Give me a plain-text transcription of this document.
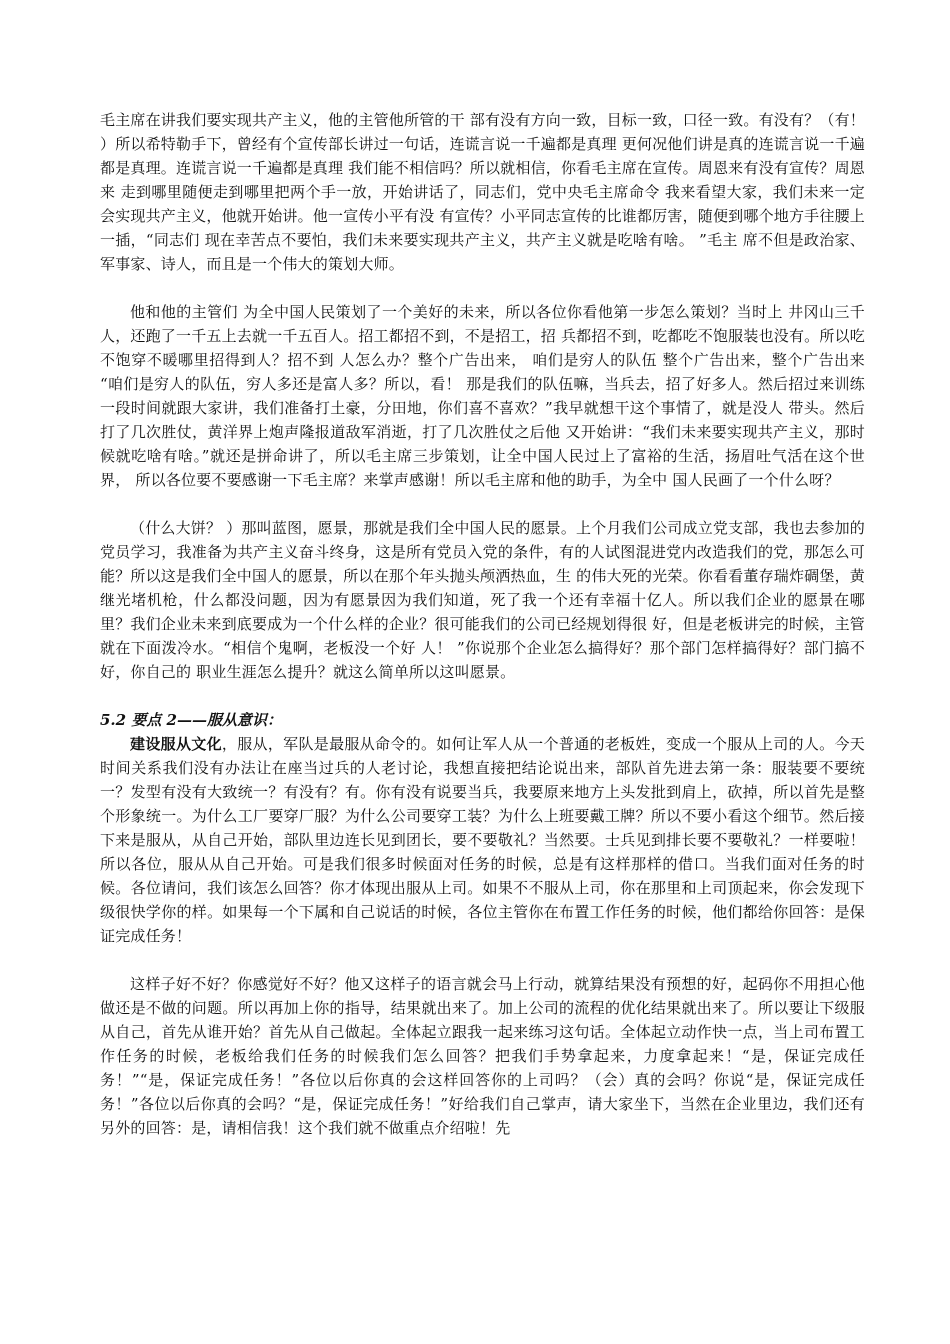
毛主席在讲我们要实现共产主义，他的主管他所管的干 部有没有方向一致，目标一致，口径一致。有没有？（有！ ）所以希特勒手下，曾经有个宣传部长讲过一句话，连谎言说一千遍都是真理 更何况他们讲是真的连谎言说一千遍都是真理。连谎言说一千遍都是真理 我们能不相信吗？所以就相信，你看毛主席在宣传。周恩来有没有宣传？周恩来 走到哪里随便走到哪里把两个手一放，开始讲话了，同志们，党中央毛主席命令 我来看望大家，我们未来一定会实现共产主义，他就开始讲。他一宣传小平有没 有宣传？小平同志宣传的比谁都厉害，随便到哪个地方手往腰上一插，“同志们 现在幸苦点不要怕，我们未来要实现共产主义，共产主义就是吃啥有啥。 ”毛主 席不但是政治家、军事家、诗人，而且是一个伟大的策划大师。

他和他的主管们 为全中国人民策划了一个美好的未来，所以各位你看他第一步怎么策划？当时上 井冈山三千人，还跑了一千五上去就一千五百人。招工都招不到，不是招工，招 兵都招不到，吃都吃不饱服装也没有。所以吃不饱穿不暖哪里招得到人？招不到 人怎么办？整个广告出来， 咱们是穷人的队伍 整个广告出来，整个广告出来 “咱们是穷人的队伍，穷人多还是富人多？所以，看！ 那是我们的队伍嘛，当兵去，招了好多人。然后招过来训练一段时间就跟大家讲，我们准备打土豪，分田地，你们喜不喜欢？”我早就想干这个事情了，就是没人 带头。然后打了几次胜仗，黄洋界上炮声隆报道敌军消逝，打了几次胜仗之后他 又开始讲：“我们未来要实现共产主义，那时候就吃啥有啥。”就还是拼命讲了，所以毛主席三步策划，让全中国人民过上了富裕的生活，扬眉吐气活在这个世界， 所以各位要不要感谢一下毛主席？来掌声感谢！所以毛主席和他的助手，为全中 国人民画了一个什么呀？

（什么大饼？ ）那叫蓝图，愿景，那就是我们全中国人民的愿景。上个月我们公司成立党支部，我也去参加的党员学习，我准备为共产主义奋斗终身，这是所有党员入党的条件，有的人试图混进党内改造我们的党，那怎么可能？所以这是我们全中国人的愿景，所以在那个年头抛头颅洒热血，生 的伟大死的光荣。你看看董存瑞炸碉堡，黄继光堵机枪，什么都没问题，因为有愿景因为我们知道，死了我一个还有幸福十亿人。所以我们企业的愿景在哪里？我们企业未来到底要成为一个什么样的企业？很可能我们的公司已经规划得很 好，但是老板讲完的时候，主管就在下面泼冷水。“相信个鬼啊，老板没一个好 人！ ”你说那个企业怎么搞得好？那个部门怎样搞得好？部门搞不好，你自己的 职业生涯怎么提升？就这么简单所以这叫愿景。

5.2 要点 2——服从意识：

建设服从文化，服从，军队是最服从命令的。如何让军人从一个普通的老板姓，变成一个服从上司的人。今天时间关系我们没有办法让在座当过兵的人老讨论，我想直接把结论说出来，部队首先进去第一条：服装要不要统一？发型有没有大致统一？有没有？有。你有没有说要当兵，我要原来地方上头发批到肩上，砍掉，所以首先是整个形象统一。为什么工厂要穿厂服？为什么公司要穿工装？为什么上班要戴工牌？所以不要小看这个细节。然后接下来是服从，从自己开始，部队里边连长见到团长，要不要敬礼？当然要。士兵见到排长要不要敬礼？一样要啦！所以各位，服从从自己开始。可是我们很多时候面对任务的时候，总是有这样那样的借口。当我们面对任务的时候。各位请问，我们该怎么回答？你才体现出服从上司。如果不不服从上司，你在那里和上司顶起来，你会发现下级很快学你的样。如果每一个下属和自己说话的时候，各位主管你在布置工作任务的时候，他们都给你回答：是保证完成任务！

这样子好不好？你感觉好不好？他又这样子的语言就会马上行动，就算结果没有预想的好，起码你不用担心他做还是不做的问题。所以再加上你的指导，结果就出来了。加上公司的流程的优化结果就出来了。所以要让下级服从自己，首先从谁开始？首先从自己做起。全体起立跟我一起来练习这句话。全体起立动作快一点，当上司布置工作任务的时候，老板给我们任务的时候我们怎么回答？把我们手势拿起来，力度拿起来！“是，保证完成任务！”“是，保证完成任务！”各位以后你真的会这样回答你的上司吗？（会）真的会吗？你说“是，保证完成任务！”各位以后你真的会吗？“是，保证完成任务！”好给我们自己掌声，请大家坐下，当然在企业里边，我们还有另外的回答：是，请相信我！这个我们就不做重点介绍啦！先
